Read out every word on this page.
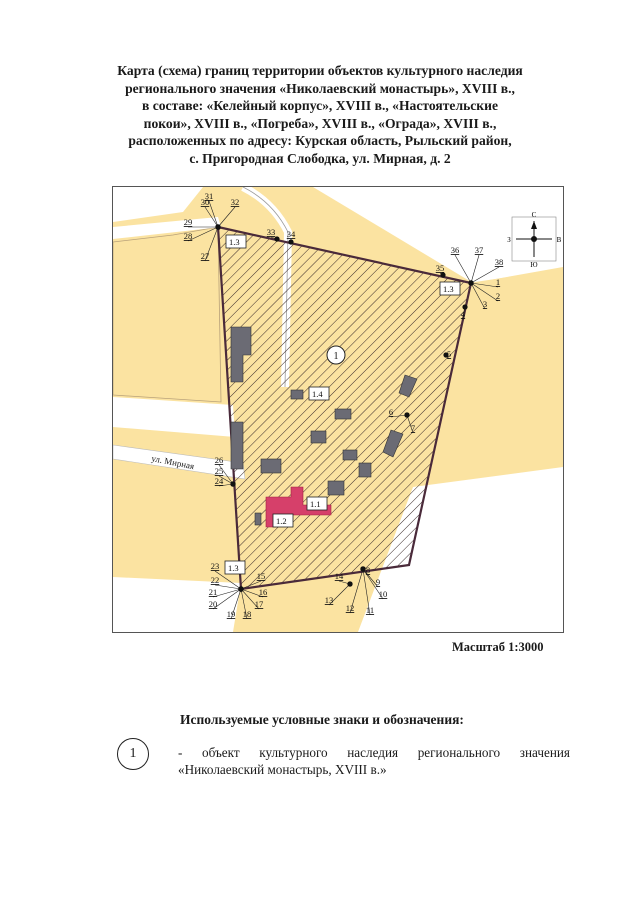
Карта (схема) границ территории объектов культурного наследия
регионального значения «Николаевский монастырь», XVIII в.,
в составе: «Келейный корпус», XVIII в., «Настоятельские
покои», XVIII в., «Погреба», XVIII в., «Ограда», XVIII в.,
расположенных по адресу: Курская область, Рыльский район,
с. Пригородная Слободка, ул. Мирная, д. 2
1.3
1.3
1.3
1.4
1.1
1.2
1
ул. Мирная
С
Ю
З	В
1
2
3
4
5
6
7
8
9
10
11
12
13
14
15
16
17
18
19
20
21
22
23
24
25
26
27
28
29
30
31
32
33 34
35
36 37
38
Масштаб 1:3000
Используемые условные знаки и обозначения:
1	- объект культурного наследия регионального значения
«Николаевский монастырь, XVIII в.»
